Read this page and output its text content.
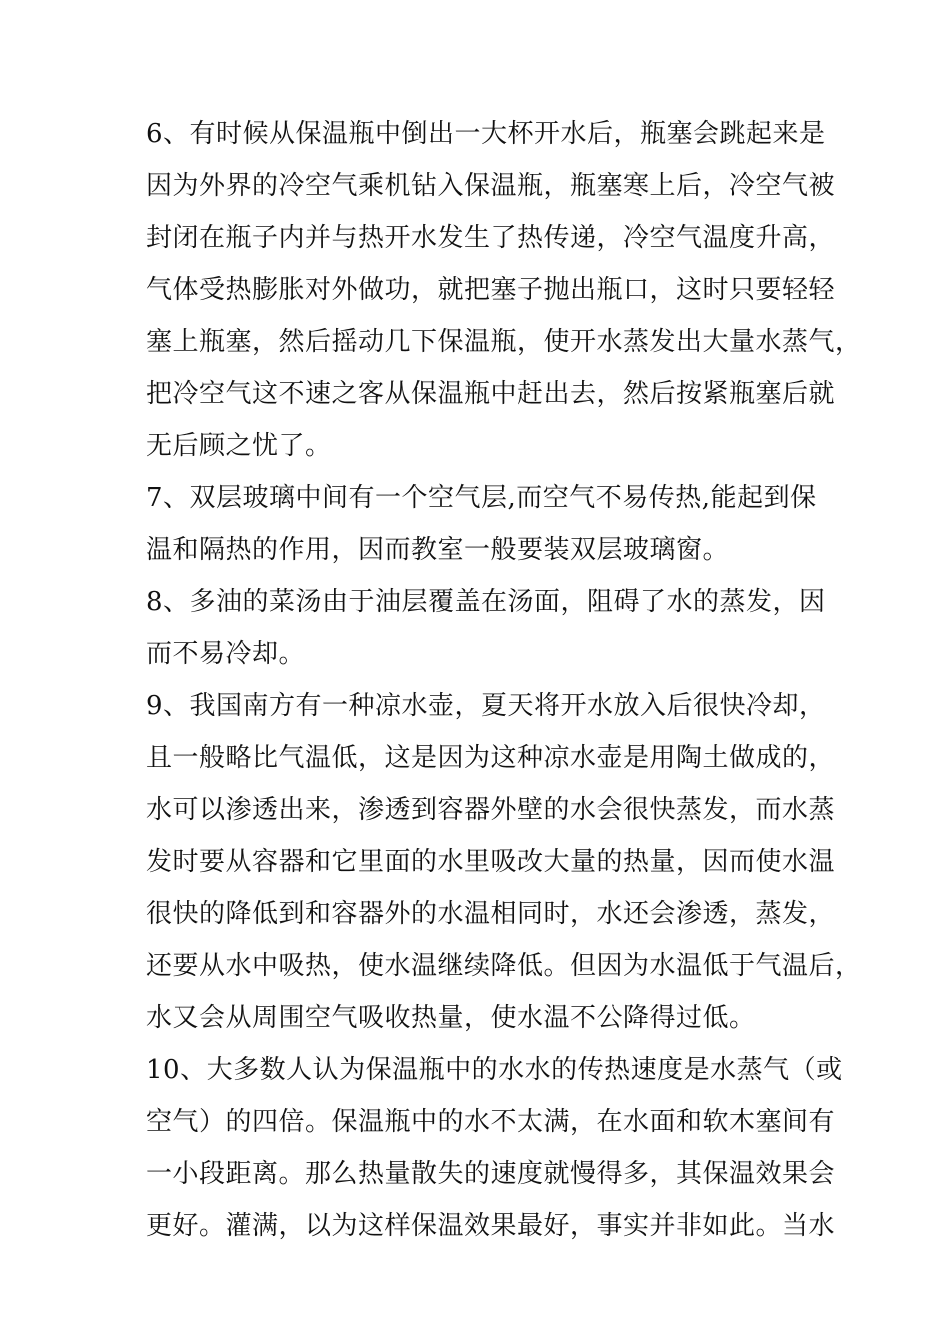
6、有时候从保温瓶中倒出一大杯开水后，瓶塞会跳起来是
因为外界的冷空气乘机钻入保温瓶，瓶塞寒上后，冷空气被
封闭在瓶子内并与热开水发生了热传递，冷空气温度升高，
气体受热膨胀对外做功，就把塞子抛出瓶口，这时只要轻轻
塞上瓶塞，然后摇动几下保温瓶，使开水蒸发出大量水蒸气，
把冷空气这不速之客从保温瓶中赶出去，然后按紧瓶塞后就
无后顾之忧了。
7、双层玻璃中间有一个空气层,而空气不易传热,能起到保
温和隔热的作用，因而教室一般要装双层玻璃窗。
8、多油的菜汤由于油层覆盖在汤面，阻碍了水的蒸发，因
而不易冷却。
9、我国南方有一种凉水壶，夏天将开水放入后很快冷却，
且一般略比气温低，这是因为这种凉水壶是用陶土做成的，
水可以渗透出来，渗透到容器外壁的水会很快蒸发，而水蒸
发时要从容器和它里面的水里吸改大量的热量，因而使水温
很快的降低到和容器外的水温相同时，水还会渗透，蒸发，
还要从水中吸热，使水温继续降低。但因为水温低于气温后，
水又会从周围空气吸收热量，使水温不公降得过低。
10、大多数人认为保温瓶中的水水的传热速度是水蒸气（或
空气）的四倍。保温瓶中的水不太满，在水面和软木塞间有
一小段距离。那么热量散失的速度就慢得多，其保温效果会
更好。灌满，以为这样保温效果最好，事实并非如此。当水
